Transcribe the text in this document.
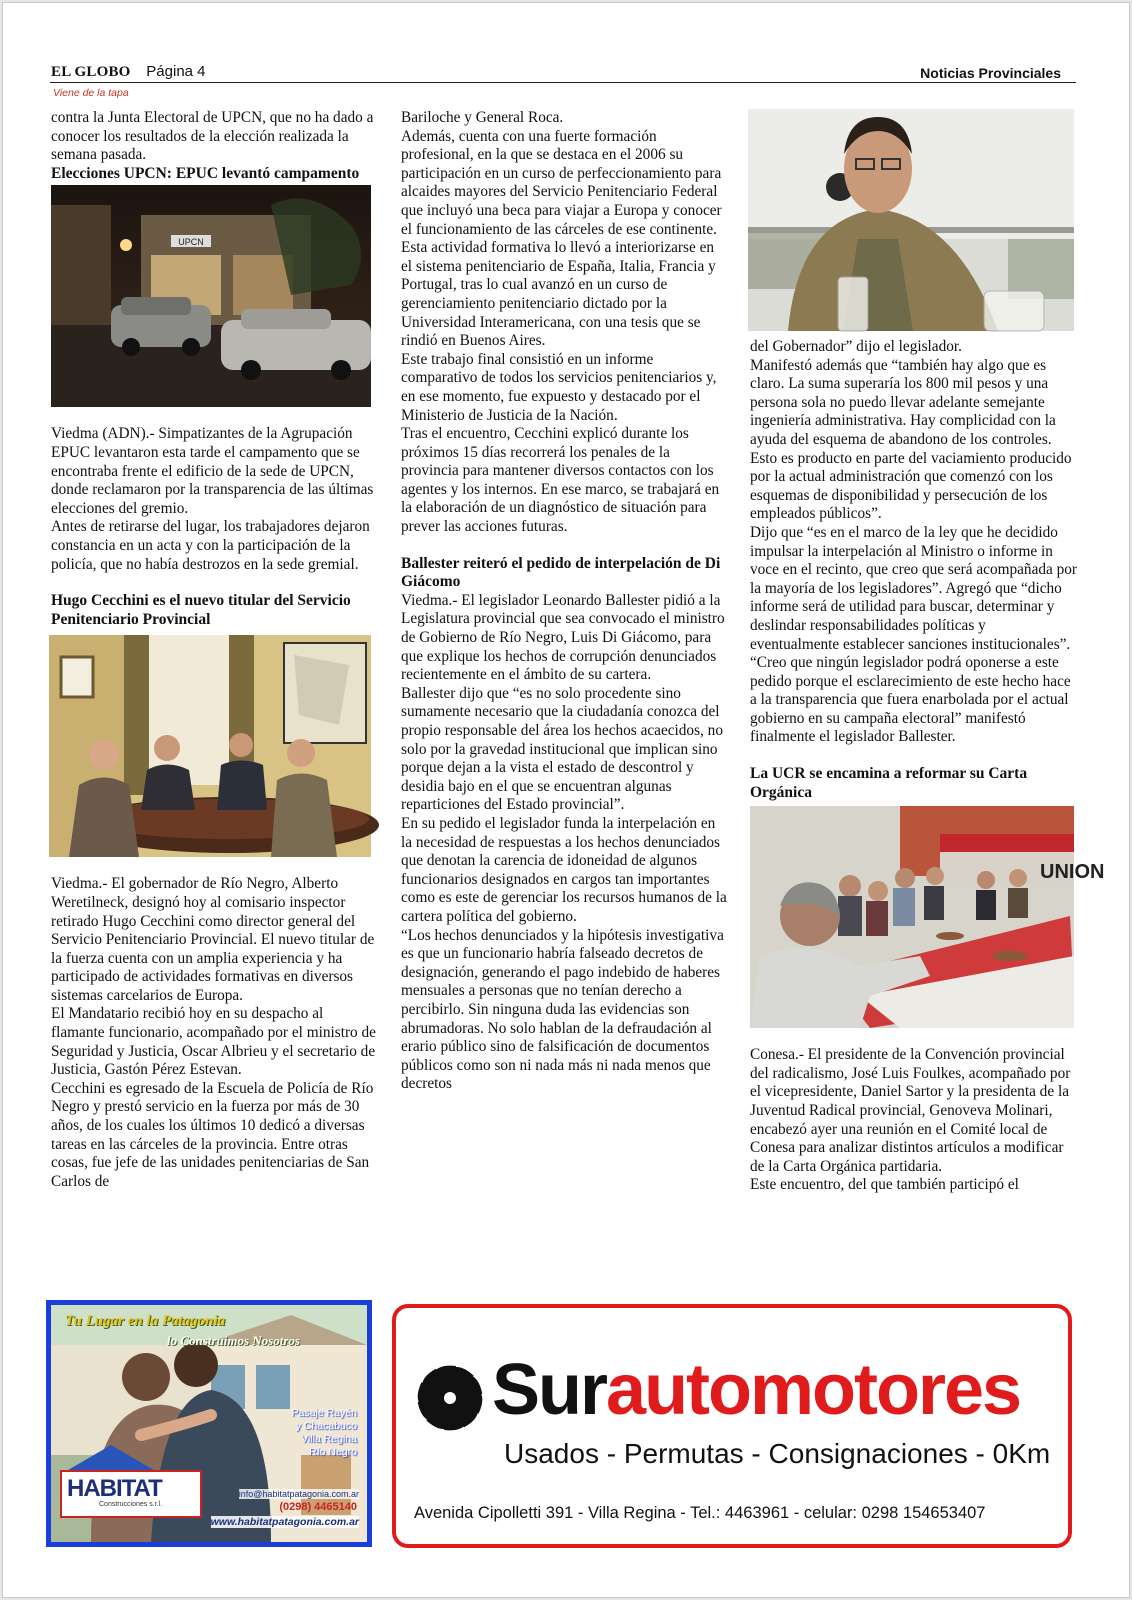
EL GLOBO Página 4	Noticias Provinciales
Viene de la tapa

contra la Junta Electoral de UPCN, que no ha dado a conocer los resultados de la elección realizada la semana pasada.

Elecciones UPCN: EPUC levantó campamento
UPCN

Viedma (ADN).- Simpatizantes de la Agrupación EPUC levantaron esta tarde el campamento que se encontraba frente el edificio de la sede de UPCN, donde reclamaron por la transparencia de las últimas elecciones del gremio.

Antes de retirarse del lugar, los trabajadores dejaron constancia en un acta y con la participación de la policía, que no había destrozos en la sede gremial.

Hugo Cecchini es el nuevo titular del Servicio Penitenciario Provincial

Viedma.- El gobernador de Río Negro, Alberto Weretilneck, designó hoy al comisario inspector retirado Hugo Cecchini como director general del Servicio Penitenciario Provincial. El nuevo titular de la fuerza cuenta con un amplia experiencia y ha participado de actividades formativas en diversos sistemas carcelarios de Europa.

El Mandatario recibió hoy en su despacho al flamante funcionario, acompañado por el ministro de Seguridad y Justicia, Oscar Albrieu y el secretario de Justicia, Gastón Pérez Estevan.

Cecchini es egresado de la Escuela de Policía de Río Negro y prestó servicio en la fuerza por más de 30 años, de los cuales los últimos 10 dedicó a diversas tareas en las cárceles de la provincia. Entre otras cosas, fue jefe de las unidades penitenciarias de San Carlos de

Bariloche y General Roca.

Además, cuenta con una fuerte formación profesional, en la que se destaca en el 2006 su participación en un curso de perfeccionamiento para alcaides mayores del Servicio Penitenciario Federal que incluyó una beca para viajar a Europa y conocer el funcionamiento de las cárceles de ese continente.

Esta actividad formativa lo llevó a interiorizarse en el sistema penitenciario de España, Italia, Francia y Portugal, tras lo cual avanzó en un curso de gerenciamiento penitenciario dictado por la Universidad Interamericana, con una tesis que se rindió en Buenos Aires.

Este trabajo final consistió en un informe comparativo de todos los servicios penitenciarios y, en ese momento, fue expuesto y destacado por el Ministerio de Justicia de la Nación.

Tras el encuentro, Cecchini explicó durante los próximos 15 días recorrerá los penales de la provincia para mantener diversos contactos con los agentes y los internos. En ese marco, se trabajará en la elaboración de un diagnóstico de situación para prever las acciones futuras.

Ballester reiteró el pedido de interpelación de Di Giácomo

Viedma.- El legislador Leonardo Ballester pidió a la Legislatura provincial que sea convocado el ministro de Gobierno de Río Negro, Luis Di Giácomo, para que explique los hechos de corrupción denunciados recientemente en el ámbito de su cartera.

Ballester dijo que “es no solo procedente sino sumamente necesario que la ciudadanía conozca del propio responsable del área los hechos acaecidos, no solo por la gravedad institucional que implican sino porque dejan a la vista el estado de descontrol y desidia bajo en el que se encuentran algunas reparticiones del Estado provincial”.

En su pedido el legislador funda la interpelación en la necesidad de respuestas a los hechos denunciados que denotan la carencia de idoneidad de algunos funcionarios designados en cargos tan importantes como es este de gerenciar los recursos humanos de la cartera política del gobierno.

“Los hechos denunciados y la hipótesis investigativa es que un funcionario habría falseado decretos de designación, generando el pago indebido de haberes mensuales a personas que no tenían derecho a percibirlo. Sin ninguna duda las evidencias son abrumadoras. No solo hablan de la defraudación al erario público sino de falsificación de documentos públicos como son ni nada más ni nada menos que decretos

del Gobernador” dijo el legislador.

Manifestó además que “también hay algo que es claro. La suma superaría los 800 mil pesos y una persona sola no puedo llevar adelante semejante ingeniería administrativa. Hay complicidad con la ayuda del esquema de abandono de los controles. Esto es producto en parte del vaciamiento producido por la actual administración que comenzó con los esquemas de disponibilidad y persecución de los empleados públicos”.

Dijo que “es en el marco de la ley que he decidido impulsar la interpelación al Ministro o informe in voce en el recinto, que creo que será acompañada por la mayoría de los legisladores”. Agregó que “dicho informe será de utilidad para buscar, determinar y deslindar responsabilidades políticas y eventualmente establecer sanciones institucionales”.

“Creo que ningún legislador podrá oponerse a este pedido porque el esclarecimiento de este hecho hace a la transparencia que fuera enarbolada por el actual gobierno en su campaña electoral” manifestó finalmente el legislador Ballester.

La UCR se encamina a reformar su Carta Orgánica
UNION

Conesa.- El presidente de la Convención provincial del radicalismo, José Luis Foulkes, acompañado por el vicepresidente, Daniel Sartor y la presidenta de la Juventud Radical provincial, Genoveva Molinari, encabezó ayer una reunión en el Comité local de Conesa para analizar distintos artículos a modificar de la Carta Orgánica partidaria.

Este encuentro, del que también participó el

Tu Lugar en la Patagonia
lo Construimos Nosotros
Pasaje Rayén
y Chacabuco
Villa Regina
Río Negro
HABITAT
Construcciones s.r.l.
info@habitatpatagonia.com.ar
(0298) 4465140
www.habitatpatagonia.com.ar
Surautomotores
Usados - Permutas - Consignaciones - 0Km
Avenida Cipolletti 391 - Villa Regina - Tel.: 4463961 - celular: 0298 154653407
